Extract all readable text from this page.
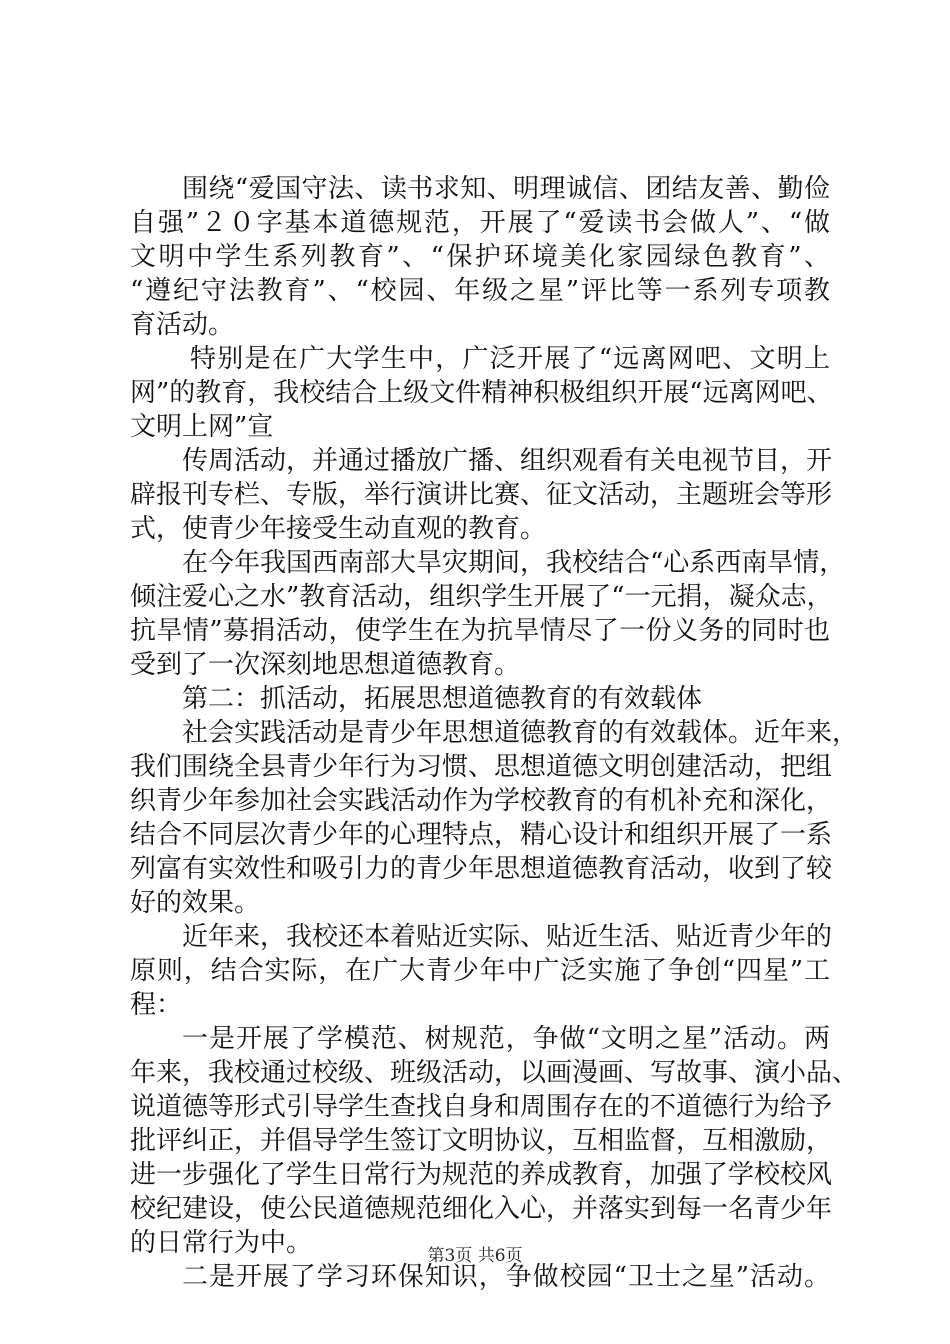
围绕“爱国守法、读书求知、明理诚信、团结友善、勤俭
自强”２０字基本道德规范，开展了“爱读书会做人”、“做
文明中学生系列教育”、“保护环境美化家园绿色教育”、
“遵纪守法教育”、“校园、年级之星”评比等一系列专项教
育活动。
特别是在广大学生中，广泛开展了“远离网吧、文明上
网”的教育，我校结合上级文件精神积极组织开展“远离网吧、
文明上网”宣
传周活动，并通过播放广播、组织观看有关电视节目，开
辟报刊专栏、专版，举行演讲比赛、征文活动，主题班会等形
式，使青少年接受生动直观的教育。
在今年我国西南部大旱灾期间，我校结合“心系西南旱情，
倾注爱心之水”教育活动，组织学生开展了“一元捐，凝众志，
抗旱情”募捐活动，使学生在为抗旱情尽了一份义务的同时也
受到了一次深刻地思想道德教育。
第二：抓活动，拓展思想道德教育的有效载体
社会实践活动是青少年思想道德教育的有效载体。近年来，
我们围绕全县青少年行为习惯、思想道德文明创建活动，把组
织青少年参加社会实践活动作为学校教育的有机补充和深化，
结合不同层次青少年的心理特点，精心设计和组织开展了一系
列富有实效性和吸引力的青少年思想道德教育活动，收到了较
好的效果。
近年来，我校还本着贴近实际、贴近生活、贴近青少年的
原则，结合实际，在广大青少年中广泛实施了争创“四星”工
程：
一是开展了学模范、树规范，争做“文明之星”活动。两
年来，我校通过校级、班级活动，以画漫画、写故事、演小品、
说道德等形式引导学生查找自身和周围存在的不道德行为给予
批评纠正，并倡导学生签订文明协议，互相监督，互相激励，
进一步强化了学生日常行为规范的养成教育，加强了学校校风
校纪建设，使公民道德规范细化入心，并落实到每一名青少年
的日常行为中。
二是开展了学习环保知识，争做校园“卫士之星”活动。
第3页 共6页
